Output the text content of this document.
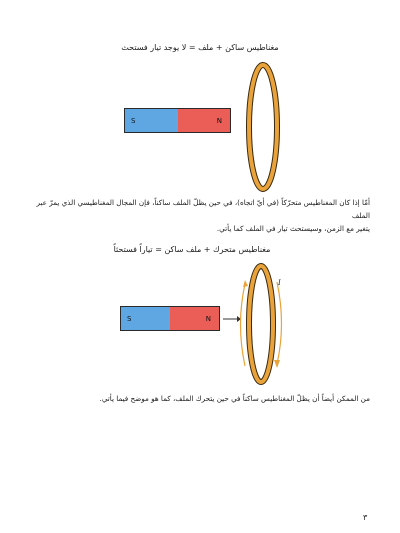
مغناطيس ساكن + ملف = لا يوجد تيار فستحث
S	N
أمّا إذا كان المغناطيس متحرّكاً (في أيّ اتجاه)، في حين يظلّ الملف ساكناً، فإن المجال المغناطيسي الذي يمرّ عبر الملف
يتغير مع الزمن، وسيستحث تيار في الملف كما يأتي.
مغناطيس متحرك + ملف ساكن = تياراً فستحثاً
S	N
I
من الممكن أيضاً أن يظلّ المغناطيس ساكناً في حين يتحرك الملف، كما هو موضح فيما يأتي.
٣
